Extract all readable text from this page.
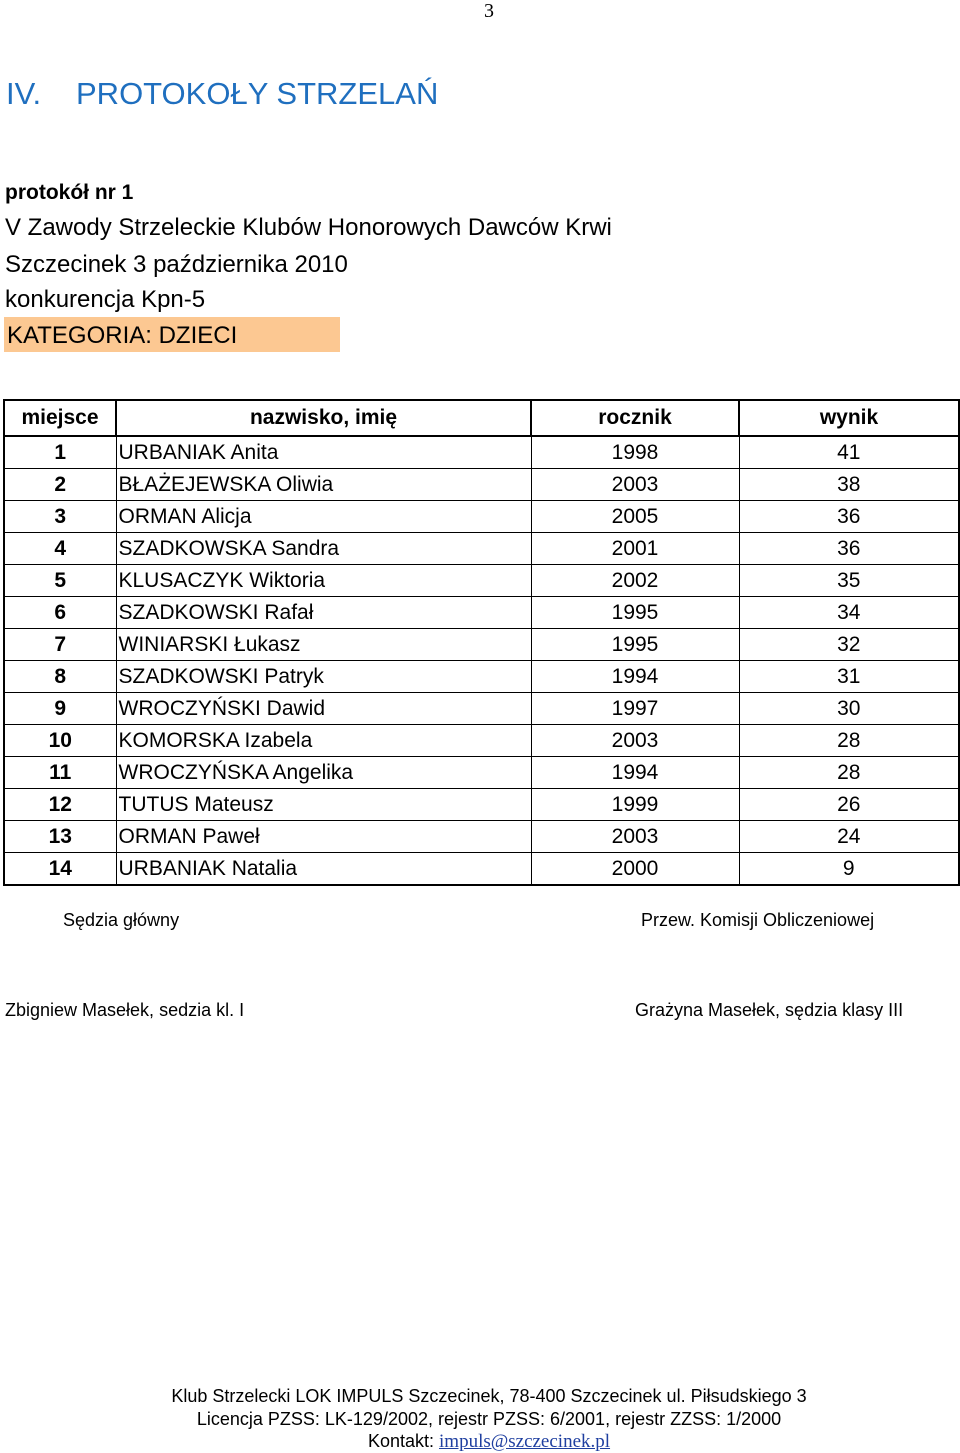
3
IV. PROTOKOŁY STRZELAŃ
protokół nr 1
V Zawody Strzeleckie Klubów Honorowych Dawców Krwi
Szczecinek 3 października 2010
konkurencja Kpn-5
KATEGORIA: DZIECI
miejsce	nazwisko, imię	rocznik	wynik
1	URBANIAK Anita	1998	41
2	BŁAŻEJEWSKA Oliwia	2003	38
3	ORMAN Alicja	2005	36
4	SZADKOWSKA Sandra	2001	36
5	KLUSACZYK Wiktoria	2002	35
6	SZADKOWSKI Rafał	1995	34
7	WINIARSKI Łukasz	1995	32
8	SZADKOWSKI Patryk	1994	31
9	WROCZYŃSKI Dawid	1997	30
10	KOMORSKA Izabela	2003	28
11	WROCZYŃSKA Angelika	1994	28
12	TUTUS Mateusz	1999	26
13	ORMAN Paweł	2003	24
14	URBANIAK Natalia	2000	9
Sędzia główny	Przew. Komisji Obliczeniowej
Zbigniew Masełek, sedzia kl. I	Grażyna Masełek, sędzia klasy III
Klub Strzelecki LOK IMPULS Szczecinek, 78-400 Szczecinek ul. Piłsudskiego 3
Licencja PZSS: LK-129/2002, rejestr PZSS: 6/2001, rejestr ZZSS: 1/2000
Kontakt: impuls@szczecinek.pl
